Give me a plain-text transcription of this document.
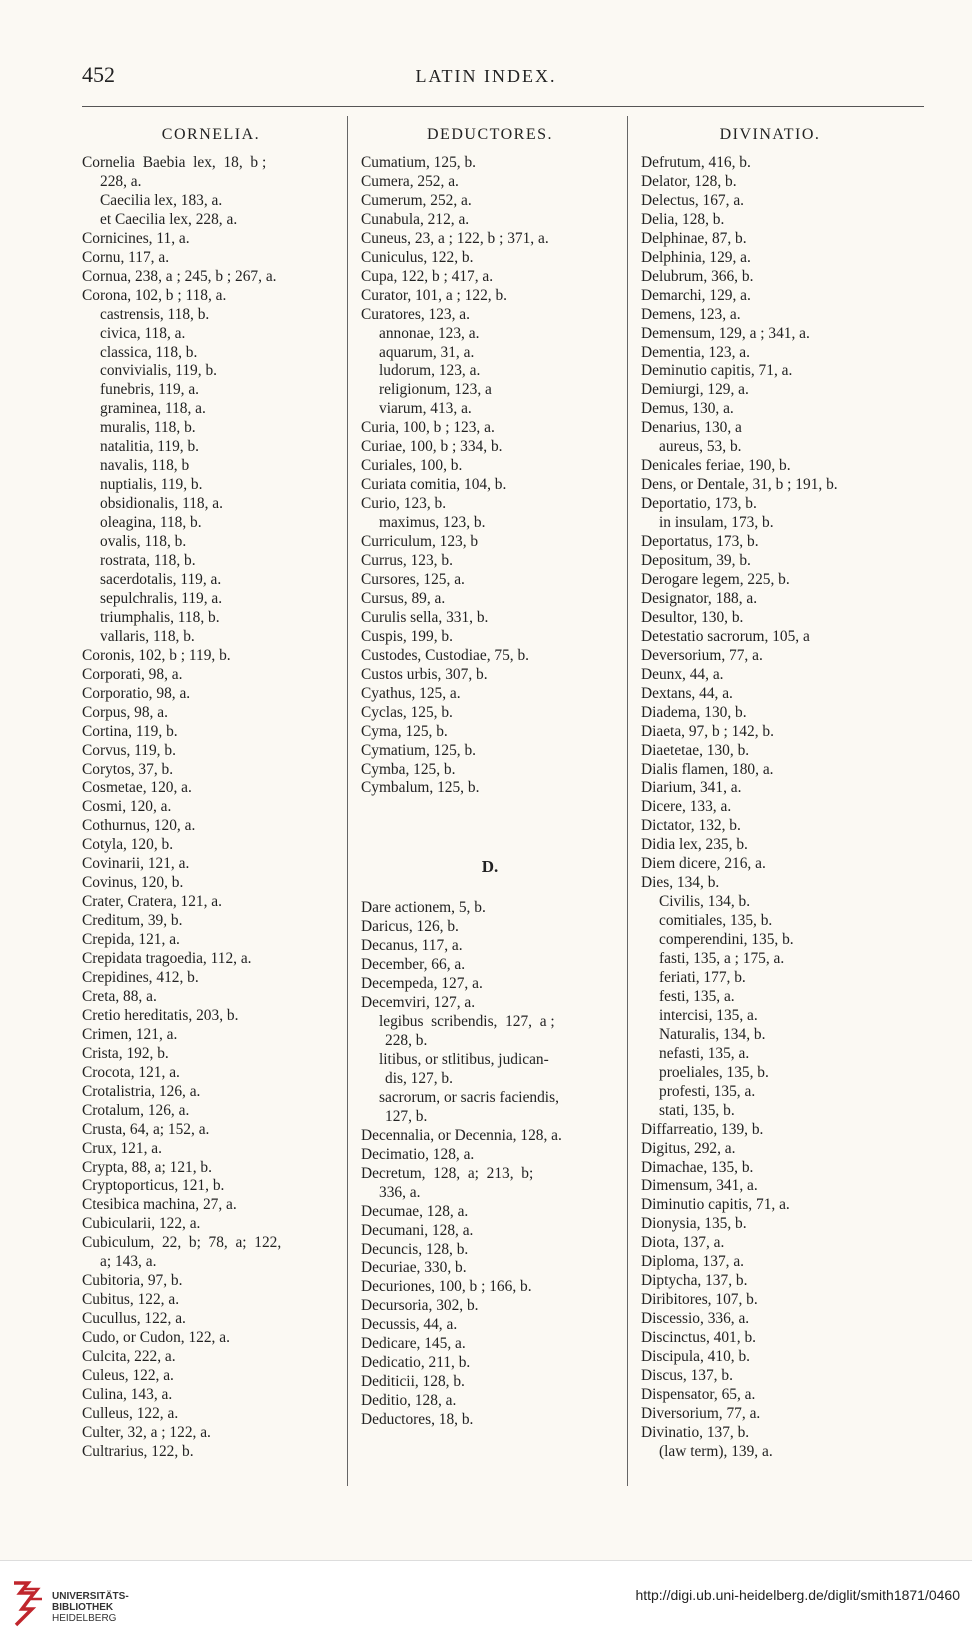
452	LATIN INDEX.
CORNELIA.
Cornelia  Baebia  lex,  18,  b ;
228, a.
Caecilia lex, 183, a.
et Caecilia lex, 228, a.
Cornicines, 11, a.
Cornu, 117, a.
Cornua, 238, a ; 245, b ; 267, a.
Corona, 102, b ; 118, a.
castrensis, 118, b.
civica, 118, a.
classica, 118, b.
convivialis, 119, b.
funebris, 119, a.
graminea, 118, a.
muralis, 118, b.
natalitia, 119, b.
navalis, 118, b
nuptialis, 119, b.
obsidionalis, 118, a.
oleagina, 118, b.
ovalis, 118, b.
rostrata, 118, b.
sacerdotalis, 119, a.
sepulchralis, 119, a.
triumphalis, 118, b.
vallaris, 118, b.
Coronis, 102, b ; 119, b.
Corporati, 98, a.
Corporatio, 98, a.
Corpus, 98, a.
Cortina, 119, b.
Corvus, 119, b.
Corytos, 37, b.
Cosmetae, 120, a.
Cosmi, 120, a.
Cothurnus, 120, a.
Cotyla, 120, b.
Covinarii, 121, a.
Covinus, 120, b.
Crater, Cratera, 121, a.
Creditum, 39, b.
Crepida, 121, a.
Crepidata tragoedia, 112, a.
Crepidines, 412, b.
Creta, 88, a.
Cretio hereditatis, 203, b.
Crimen, 121, a.
Crista, 192, b.
Crocota, 121, a.
Crotalistria, 126, a.
Crotalum, 126, a.
Crusta, 64, a; 152, a.
Crux, 121, a.
Crypta, 88, a; 121, b.
Cryptoporticus, 121, b.
Ctesibica machina, 27, a.
Cubicularii, 122, a.
Cubiculum,  22,  b;  78,  a;  122,
a; 143, a.
Cubitoria, 97, b.
Cubitus, 122, a.
Cucullus, 122, a.
Cudo, or Cudon, 122, a.
Culcita, 222, a.
Culeus, 122, a.
Culina, 143, a.
Culleus, 122, a.
Culter, 32, a ; 122, a.
Cultrarius, 122, b.
DEDUCTORES.
Cumatium, 125, b.
Cumera, 252, a.
Cumerum, 252, a.
Cunabula, 212, a.
Cuneus, 23, a ; 122, b ; 371, a.
Cuniculus, 122, b.
Cupa, 122, b ; 417, a.
Curator, 101, a ; 122, b.
Curatores, 123, a.
annonae, 123, a.
aquarum, 31, a.
ludorum, 123, a.
religionum, 123, a
viarum, 413, a.
Curia, 100, b ; 123, a.
Curiae, 100, b ; 334, b.
Curiales, 100, b.
Curiata comitia, 104, b.
Curio, 123, b.
maximus, 123, b.
Curriculum, 123, b
Currus, 123, b.
Cursores, 125, a.
Cursus, 89, a.
Curulis sella, 331, b.
Cuspis, 199, b.
Custodes, Custodiae, 75, b.
Custos urbis, 307, b.
Cyathus, 125, a.
Cyclas, 125, b.
Cyma, 125, b.
Cymatium, 125, b.
Cymba, 125, b.
Cymbalum, 125, b.
D.
Dare actionem, 5, b.
Daricus, 126, b.
Decanus, 117, a.
December, 66, a.
Decempeda, 127, a.
Decemviri, 127, a.
legibus  scribendis,  127,  a ;
228, b.
litibus, or stlitibus, judican-
dis, 127, b.
sacrorum, or sacris faciendis,
127, b.
Decennalia, or Decennia, 128, a.
Decimatio, 128, a.
Decretum,  128,  a;  213,  b;
336, a.
Decumae, 128, a.
Decumani, 128, a.
Decuncis, 128, b.
Decuriae, 330, b.
Decuriones, 100, b ; 166, b.
Decursoria, 302, b.
Decussis, 44, a.
Dedicare, 145, a.
Dedicatio, 211, b.
Dediticii, 128, b.
Deditio, 128, a.
Deductores, 18, b.
DIVINATIO.
Defrutum, 416, b.
Delator, 128, b.
Delectus, 167, a.
Delia, 128, b.
Delphinae, 87, b.
Delphinia, 129, a.
Delubrum, 366, b.
Demarchi, 129, a.
Demens, 123, a.
Demensum, 129, a ; 341, a.
Dementia, 123, a.
Deminutio capitis, 71, a.
Demiurgi, 129, a.
Demus, 130, a.
Denarius, 130, a
aureus, 53, b.
Denicales feriae, 190, b.
Dens, or Dentale, 31, b ; 191, b.
Deportatio, 173, b.
in insulam, 173, b.
Deportatus, 173, b.
Depositum, 39, b.
Derogare legem, 225, b.
Designator, 188, a.
Desultor, 130, b.
Detestatio sacrorum, 105, a
Deversorium, 77, a.
Deunx, 44, a.
Dextans, 44, a.
Diadema, 130, b.
Diaeta, 97, b ; 142, b.
Diaetetae, 130, b.
Dialis flamen, 180, a.
Diarium, 341, a.
Dicere, 133, a.
Dictator, 132, b.
Didia lex, 235, b.
Diem dicere, 216, a.
Dies, 134, b.
Civilis, 134, b.
comitiales, 135, b.
comperendini, 135, b.
fasti, 135, a ; 175, a.
feriati, 177, b.
festi, 135, a.
intercisi, 135, a.
Naturalis, 134, b.
nefasti, 135, a.
proeliales, 135, b.
profesti, 135, a.
stati, 135, b.
Diffarreatio, 139, b.
Digitus, 292, a.
Dimachae, 135, b.
Dimensum, 341, a.
Diminutio capitis, 71, a.
Dionysia, 135, b.
Diota, 137, a.
Diploma, 137, a.
Diptycha, 137, b.
Diribitores, 107, b.
Discessio, 336, a.
Discinctus, 401, b.
Discipula, 410, b.
Discus, 137, b.
Dispensator, 65, a.
Diversorium, 77, a.
Divinatio, 137, b.
(law term), 139, a.
UNIVERSITÄTS-
BIBLIOTHEK
HEIDELBERG
http://digi.ub.uni-heidelberg.de/diglit/smith1871/0460
